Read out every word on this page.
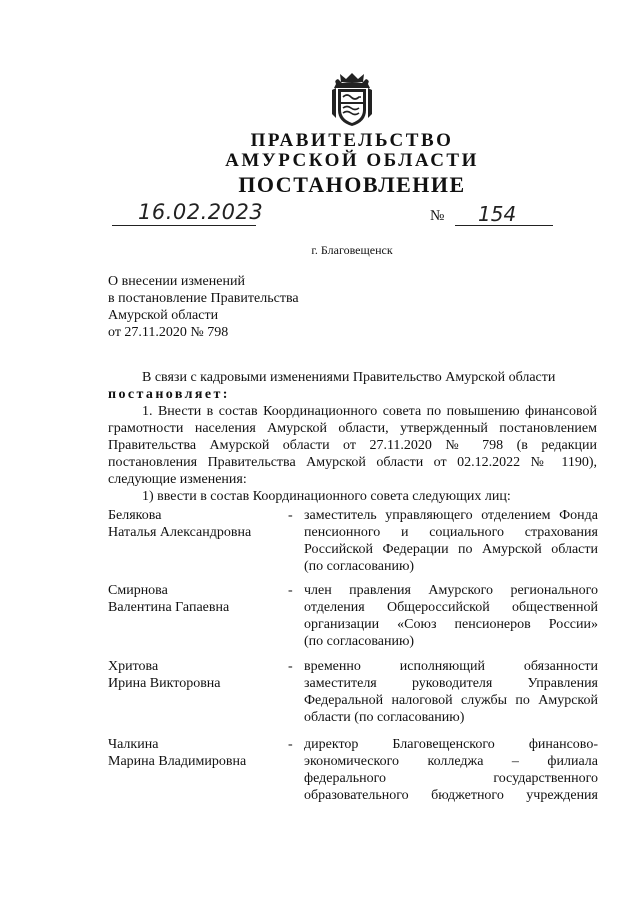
ПРАВИТЕЛЬСТВО
АМУРСКОЙ ОБЛАСТИ
ПОСТАНОВЛЕНИЕ
16.02.2023	№ 154
г. Благовещенск
О внесении изменений
в постановление Правительства
Амурской области
от 27.11.2020 № 798
В связи с кадровыми изменениями Правительство Амурской области
постановляет:
1. Внести в состав Координационного совета по повышению финансовой грамотности населения Амурской области, утвержденный постановлением Правительства Амурской области от 27.11.2020 № 798 (в редакции постановления Правительства Амурской области от 02.12.2022 № 1190), следующие изменения:
1) ввести в состав Координационного совета следующих лиц:
Белякова
Наталья Александровна
- заместитель управляющего отделением Фонда
пенсионного и социального страхования
Российской Федерации по Амурской области
(по согласованию)
Смирнова
Валентина Гапаевна
- член правления Амурского регионального
отделения Общероссийской общественной
организации «Союз пенсионеров России»
(по согласованию)
Хритова
Ирина Викторовна
- временно исполняющий обязанности
заместителя руководителя Управления
Федеральной налоговой службы по Амурской
области (по согласованию)
Чалкина
Марина Владимировна
- директор Благовещенского финансово-
экономического колледжа – филиала
федерального государственного
образовательного бюджетного учреждения
